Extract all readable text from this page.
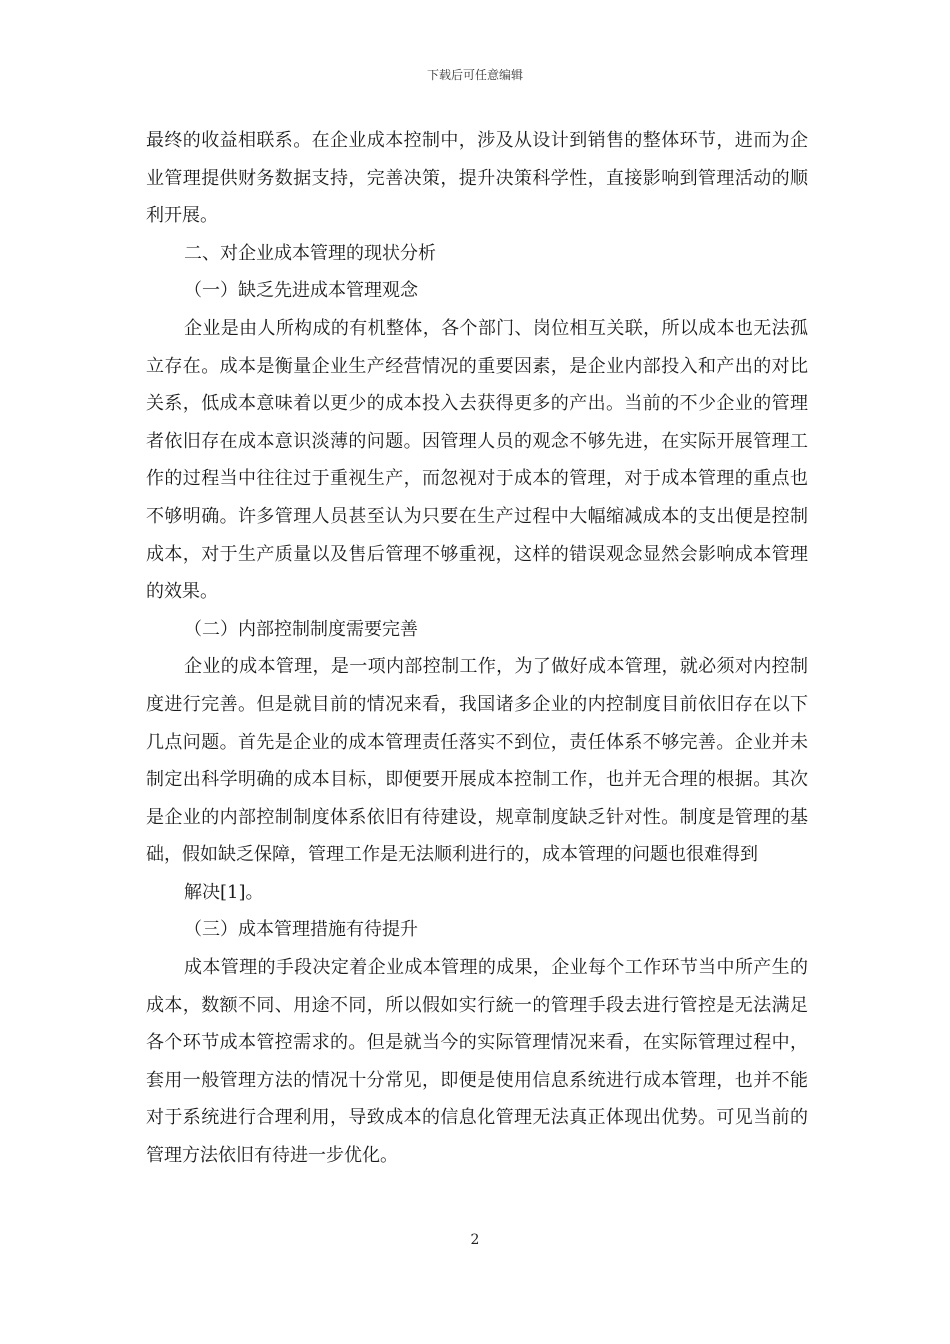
下载后可任意编辑

最终的收益相联系。在企业成本控制中，涉及从设计到销售的整体环节，进而为企业管理提供财务数据支持，完善决策，提升决策科学性，直接影响到管理活动的顺利开展。

二、对企业成本管理的现状分析

（一）缺乏先进成本管理观念

企业是由人所构成的有机整体，各个部门、岗位相互关联，所以成本也无法孤立存在。成本是衡量企业生产经营情况的重要因素，是企业内部投入和产出的对比关系，低成本意味着以更少的成本投入去获得更多的产出。当前的不少企业的管理者依旧存在成本意识淡薄的问题。因管理人员的观念不够先进，在实际开展管理工作的过程当中往往过于重视生产，而忽视对于成本的管理，对于成本管理的重点也不够明确。许多管理人员甚至认为只要在生产过程中大幅缩减成本的支出便是控制成本，对于生产质量以及售后管理不够重视，这样的错误观念显然会影响成本管理的效果。

（二）内部控制制度需要完善

企业的成本管理，是一项内部控制工作，为了做好成本管理，就必须对内控制度进行完善。但是就目前的情况来看，我国诸多企业的内控制度目前依旧存在以下几点问题。首先是企业的成本管理责任落实不到位，责任体系不够完善。企业并未制定出科学明确的成本目标，即便要开展成本控制工作，也并无合理的根据。其次是企业的内部控制制度体系依旧有待建设，规章制度缺乏针对性。制度是管理的基础，假如缺乏保障，管理工作是无法顺利进行的，成本管理的问题也很难得到

解决[1]。

（三）成本管理措施有待提升

成本管理的手段决定着企业成本管理的成果，企业每个工作环节当中所产生的成本，数额不同、用途不同，所以假如实行統一的管理手段去进行管控是无法满足各个环节成本管控需求的。但是就当今的实际管理情况来看，在实际管理过程中，套用一般管理方法的情况十分常见，即便是使用信息系统进行成本管理，也并不能对于系统进行合理利用，导致成本的信息化管理无法真正体现出优势。可见当前的管理方法依旧有待进一步优化。

2
